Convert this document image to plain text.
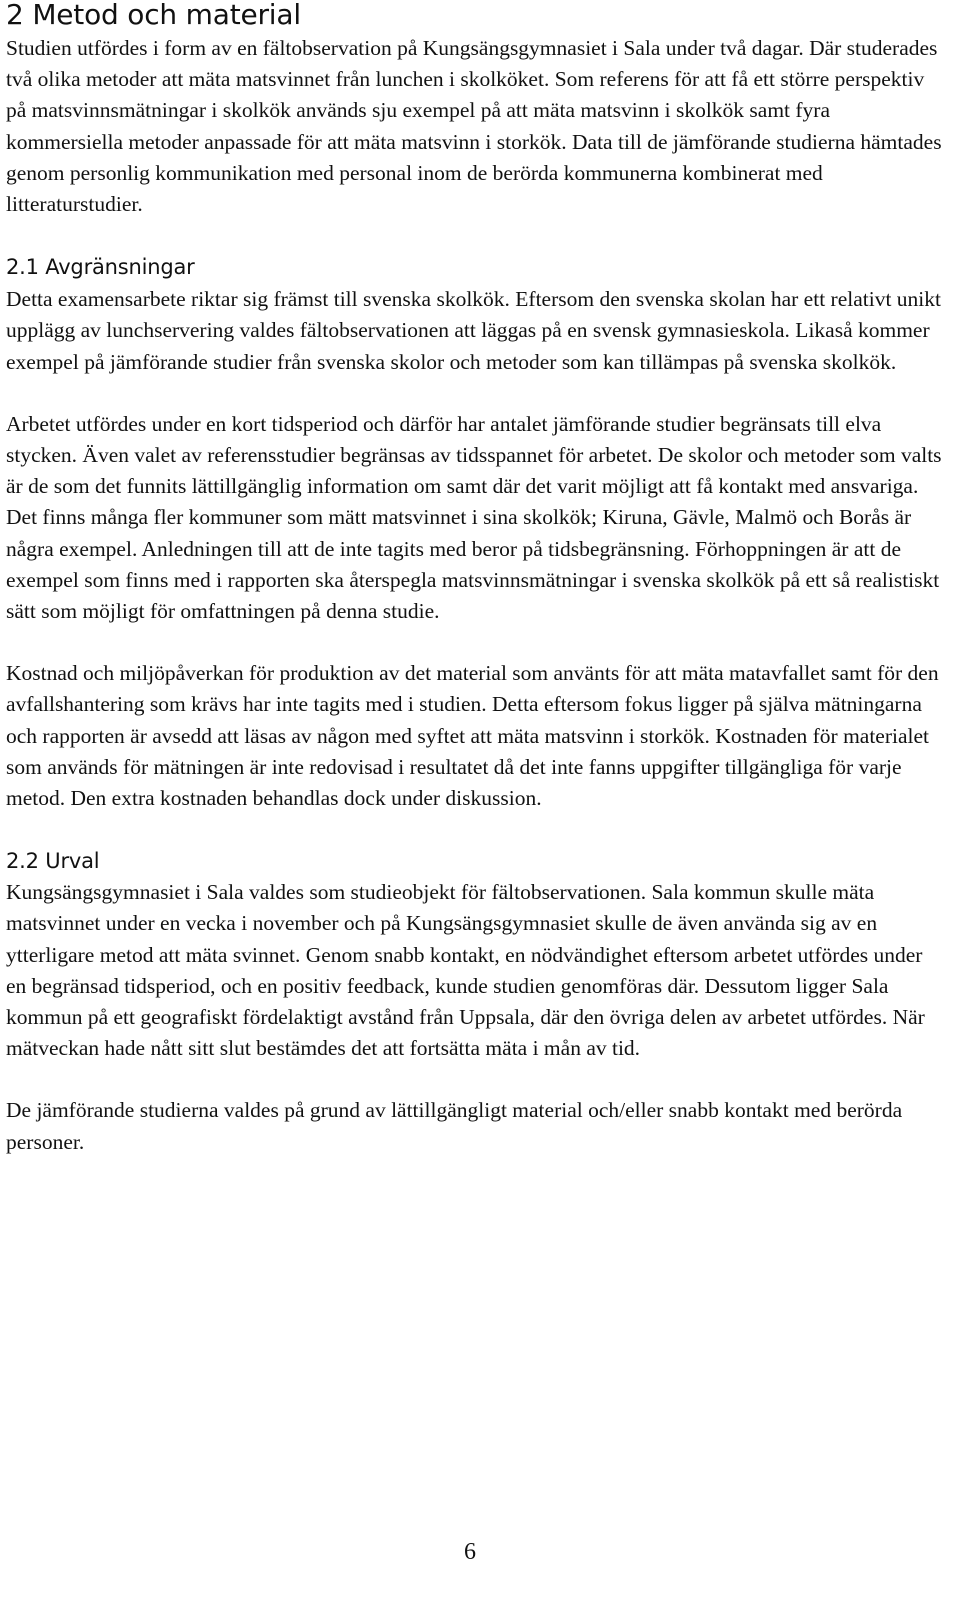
2 Metod och material

Studien utfördes i form av en fältobservation på Kungsängsgymnasiet i Sala under två dagar. Där studerades två olika metoder att mäta matsvinnet från lunchen i skolköket. Som referens för att få ett större perspektiv på matsvinnsmätningar i skolkök används sju exempel på att mäta matsvinn i skolkök samt fyra kommersiella metoder anpassade för att mäta matsvinn i storkök. Data till de jämförande studierna hämtades genom personlig kommunikation med personal inom de berörda kommunerna kombinerat med litteraturstudier.

2.1 Avgränsningar

Detta examensarbete riktar sig främst till svenska skolkök. Eftersom den svenska skolan har ett relativt unikt upplägg av lunchservering valdes fältobservationen att läggas på en svensk gymnasieskola. Likaså kommer exempel på jämförande studier från svenska skolor och metoder som kan tillämpas på svenska skolkök.

Arbetet utfördes under en kort tidsperiod och därför har antalet jämförande studier begränsats till elva stycken. Även valet av referensstudier begränsas av tidsspannet för arbetet. De skolor och metoder som valts är de som det funnits lättillgänglig information om samt där det varit möjligt att få kontakt med ansvariga. Det finns många fler kommuner som mätt matsvinnet i sina skolkök; Kiruna, Gävle, Malmö och Borås är några exempel. Anledningen till att de inte tagits med beror på tidsbegränsning. Förhoppningen är att de exempel som finns med i rapporten ska återspegla matsvinnsmätningar i svenska skolkök på ett så realistiskt sätt som möjligt för omfattningen på denna studie.

Kostnad och miljöpåverkan för produktion av det material som använts för att mäta matavfallet samt för den avfallshantering som krävs har inte tagits med i studien. Detta eftersom fokus ligger på själva mätningarna och rapporten är avsedd att läsas av någon med syftet att mäta matsvinn i storkök. Kostnaden för materialet som används för mätningen är inte redovisad i resultatet då det inte fanns uppgifter tillgängliga för varje metod. Den extra kostnaden behandlas dock under diskussion.

2.2 Urval

Kungsängsgymnasiet i Sala valdes som studieobjekt för fältobservationen. Sala kommun skulle mäta matsvinnet under en vecka i november och på Kungsängsgymnasiet skulle de även använda sig av en ytterligare metod att mäta svinnet. Genom snabb kontakt, en nödvändighet eftersom arbetet utfördes under en begränsad tidsperiod, och en positiv feedback, kunde studien genomföras där. Dessutom ligger Sala kommun på ett geografiskt fördelaktigt avstånd från Uppsala, där den övriga delen av arbetet utfördes. När mätveckan hade nått sitt slut bestämdes det att fortsätta mäta i mån av tid.

De jämförande studierna valdes på grund av lättillgängligt material och/eller snabb kontakt med berörda personer.

6
